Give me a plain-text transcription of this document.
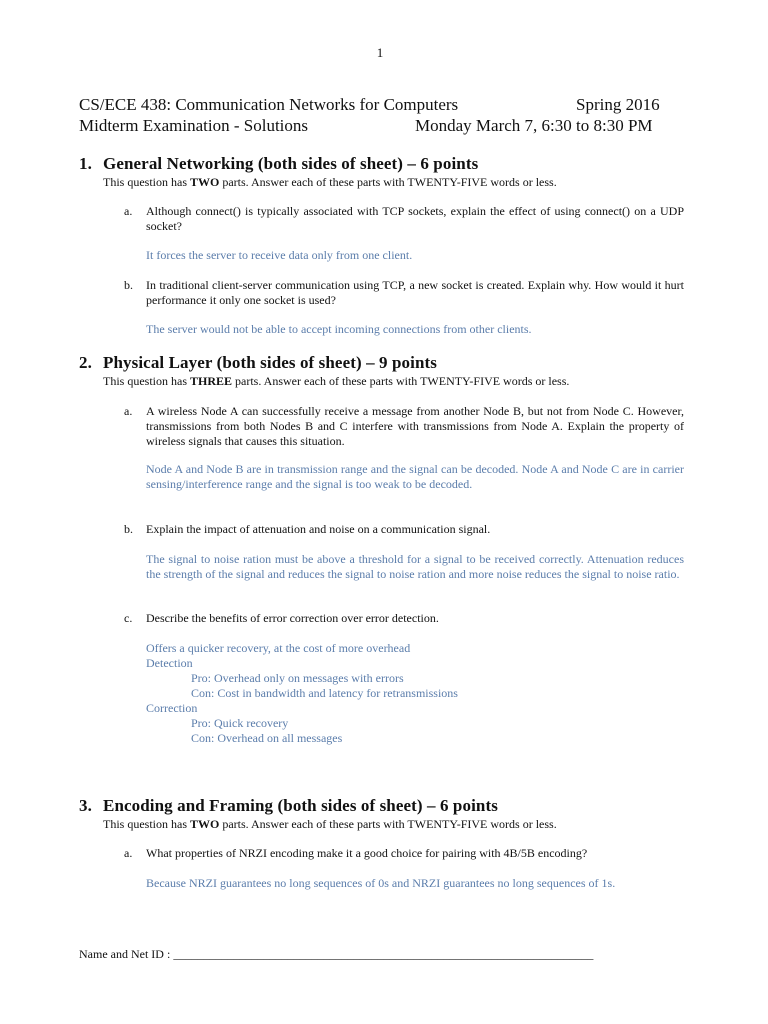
1
CS/ECE 438: Communication Networks for Computers	Spring 2016
Midterm Examination - Solutions	Monday March 7, 6:30 to 8:30 PM
1. General Networking (both sides of sheet) – 6 points
This question has TWO parts. Answer each of these parts with TWENTY-FIVE words or less.
a. Although connect() is typically associated with TCP sockets, explain the effect of using connect() on a UDP socket?
It forces the server to receive data only from one client.
b. In traditional client-server communication using TCP, a new socket is created. Explain why. How would it hurt performance it only one socket is used?
The server would not be able to accept incoming connections from other clients.
2. Physical Layer (both sides of sheet) – 9 points
This question has THREE parts. Answer each of these parts with TWENTY-FIVE words or less.
a. A wireless Node A can successfully receive a message from another Node B, but not from Node C. However, transmissions from both Nodes B and C interfere with transmissions from Node A. Explain the property of wireless signals that causes this situation.
Node A and Node B are in transmission range and the signal can be decoded. Node A and Node C are in carrier sensing/interference range and the signal is too weak to be decoded.
b. Explain the impact of attenuation and noise on a communication signal.
The signal to noise ration must be above a threshold for a signal to be received correctly. Attenuation reduces the strength of the signal and reduces the signal to noise ration and more noise reduces the signal to noise ratio.
c. Describe the benefits of error correction over error detection.
Offers a quicker recovery, at the cost of more overhead
Detection
Pro: Overhead only on messages with errors
Con: Cost in bandwidth and latency for retransmissions
Correction
Pro: Quick recovery
Con: Overhead on all messages
3. Encoding and Framing (both sides of sheet) – 6 points
This question has TWO parts. Answer each of these parts with TWENTY-FIVE words or less.
a. What properties of NRZI encoding make it a good choice for pairing with 4B/5B encoding?
Because NRZI guarantees no long sequences of 0s and NRZI guarantees no long sequences of 1s.
Name and Net ID : ______________________________________________________________________
